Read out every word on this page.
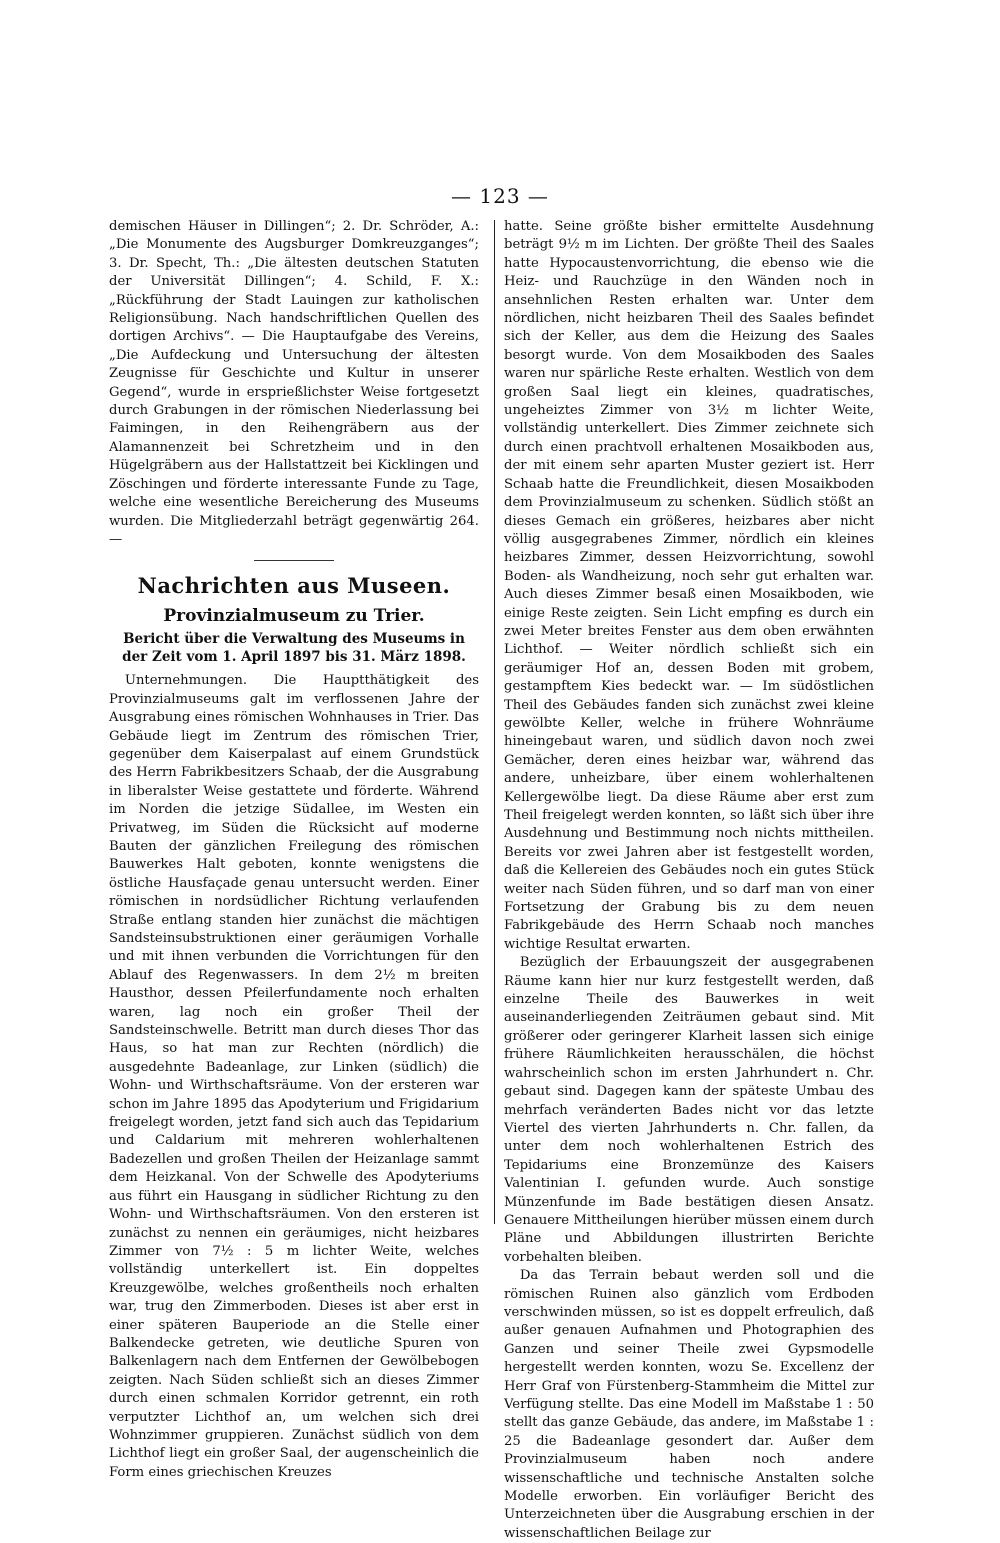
— 123 —

demischen Häuser in Dillingen“; 2. Dr. Schröder, A.: „Die Monumente des Augsburger Domkreuzganges“; 3. Dr. Specht, Th.: „Die ältesten deutschen Statuten der Universität Dillingen“; 4. Schild, F. X.: „Rückführung der Stadt Lauingen zur katholischen Religionsübung. Nach handschriftlichen Quellen des dortigen Archivs“. — Die Hauptaufgabe des Vereins, „Die Aufdeckung und Untersuchung der ältesten Zeugnisse für Geschichte und Kultur in unserer Gegend“, wurde in ersprießlichster Weise fortgesetzt durch Grabungen in der römischen Niederlassung bei Faimingen, in den Reihengräbern aus der Alamannenzeit bei Schretzheim und in den Hügelgräbern aus der Hallstattzeit bei Kicklingen und Zöschingen und förderte interessante Funde zu Tage, welche eine wesentliche Bereicherung des Museums wurden. Die Mitgliederzahl beträgt gegenwärtig 264. —

Nachrichten aus Museen.
Provinzialmuseum zu Trier.
Bericht über die Verwaltung des Museums in der Zeit vom 1. April 1897 bis 31. März 1898.

Unternehmungen. Die Hauptthätigkeit des Provinzialmuseums galt im verflossenen Jahre der Ausgrabung eines römischen Wohnhauses in Trier. Das Gebäude liegt im Zentrum des römischen Trier, gegenüber dem Kaiserpalast auf einem Grundstück des Herrn Fabrikbesitzers Schaab, der die Ausgrabung in liberalster Weise gestattete und förderte. Während im Norden die jetzige Südallee, im Westen ein Privatweg, im Süden die Rücksicht auf moderne Bauten der gänzlichen Freilegung des römischen Bauwerkes Halt geboten, konnte wenigstens die östliche Hausfaçade genau untersucht werden. Einer römischen in nordsüdlicher Richtung verlaufenden Straße entlang standen hier zunächst die mächtigen Sandsteinsubstruktionen einer geräumigen Vorhalle und mit ihnen verbunden die Vorrichtungen für den Ablauf des Regenwassers. In dem 2½ m breiten Hausthor, dessen Pfeilerfundamente noch erhalten waren, lag noch ein großer Theil der Sandsteinschwelle. Betritt man durch dieses Thor das Haus, so hat man zur Rechten (nördlich) die ausgedehnte Badeanlage, zur Linken (südlich) die Wohn- und Wirthschaftsräume. Von der ersteren war schon im Jahre 1895 das Apodyterium und Frigidarium freigelegt worden, jetzt fand sich auch das Tepidarium und Caldarium mit mehreren wohlerhaltenen Badezellen und großen Theilen der Heizanlage sammt dem Heizkanal. Von der Schwelle des Apodyteriums aus führt ein Hausgang in südlicher Richtung zu den Wohn- und Wirthschaftsräumen. Von den ersteren ist zunächst zu nennen ein geräumiges, nicht heizbares Zimmer von 7½ : 5 m lichter Weite, welches vollständig unterkellert ist. Ein doppeltes Kreuzgewölbe, welches großentheils noch erhalten war, trug den Zimmerboden. Dieses ist aber erst in einer späteren Bauperiode an die Stelle einer Balkendecke getreten, wie deutliche Spuren von Balkenlagern nach dem Entfernen der Gewölbebogen zeigten. Nach Süden schließt sich an dieses Zimmer durch einen schmalen Korridor getrennt, ein roth verputzter Lichthof an, um welchen sich drei Wohnzimmer gruppieren. Zunächst südlich von dem Lichthof liegt ein großer Saal, der augenscheinlich die Form eines griechischen Kreuzes

hatte. Seine größte bisher ermittelte Ausdehnung beträgt 9½ m im Lichten. Der größte Theil des Saales hatte Hypocaustenvorrichtung, die ebenso wie die Heiz- und Rauchzüge in den Wänden noch in ansehnlichen Resten erhalten war. Unter dem nördlichen, nicht heizbaren Theil des Saales befindet sich der Keller, aus dem die Heizung des Saales besorgt wurde. Von dem Mosaikboden des Saales waren nur spärliche Reste erhalten. Westlich von dem großen Saal liegt ein kleines, quadratisches, ungeheiztes Zimmer von 3½ m lichter Weite, vollständig unterkellert. Dies Zimmer zeichnete sich durch einen prachtvoll erhaltenen Mosaikboden aus, der mit einem sehr aparten Muster geziert ist. Herr Schaab hatte die Freundlichkeit, diesen Mosaikboden dem Provinzialmuseum zu schenken. Südlich stößt an dieses Gemach ein größeres, heizbares aber nicht völlig ausgegrabenes Zimmer, nördlich ein kleines heizbares Zimmer, dessen Heizvorrichtung, sowohl Boden- als Wandheizung, noch sehr gut erhalten war. Auch dieses Zimmer besaß einen Mosaikboden, wie einige Reste zeigten. Sein Licht empfing es durch ein zwei Meter breites Fenster aus dem oben erwähnten Lichthof. — Weiter nördlich schließt sich ein geräumiger Hof an, dessen Boden mit grobem, gestampftem Kies bedeckt war. — Im südöstlichen Theil des Gebäudes fanden sich zunächst zwei kleine gewölbte Keller, welche in frühere Wohnräume hineingebaut waren, und südlich davon noch zwei Gemächer, deren eines heizbar war, während das andere, unheizbare, über einem wohlerhaltenen Kellergewölbe liegt. Da diese Räume aber erst zum Theil freigelegt werden konnten, so läßt sich über ihre Ausdehnung und Bestimmung noch nichts mittheilen. Bereits vor zwei Jahren aber ist festgestellt worden, daß die Kellereien des Gebäudes noch ein gutes Stück weiter nach Süden führen, und so darf man von einer Fortsetzung der Grabung bis zu dem neuen Fabrikgebäude des Herrn Schaab noch manches wichtige Resultat erwarten.

Bezüglich der Erbauungszeit der ausgegrabenen Räume kann hier nur kurz festgestellt werden, daß einzelne Theile des Bauwerkes in weit auseinanderliegenden Zeiträumen gebaut sind. Mit größerer oder geringerer Klarheit lassen sich einige frühere Räumlichkeiten herausschälen, die höchst wahrscheinlich schon im ersten Jahrhundert n. Chr. gebaut sind. Dagegen kann der späteste Umbau des mehrfach veränderten Bades nicht vor das letzte Viertel des vierten Jahrhunderts n. Chr. fallen, da unter dem noch wohlerhaltenen Estrich des Tepidariums eine Bronzemünze des Kaisers Valentinian I. gefunden wurde. Auch sonstige Münzenfunde im Bade bestätigen diesen Ansatz. Genauere Mittheilungen hierüber müssen einem durch Pläne und Abbildungen illustrirten Berichte vorbehalten bleiben.

Da das Terrain bebaut werden soll und die römischen Ruinen also gänzlich vom Erdboden verschwinden müssen, so ist es doppelt erfreulich, daß außer genauen Aufnahmen und Photographien des Ganzen und seiner Theile zwei Gypsmodelle hergestellt werden konnten, wozu Se. Excellenz der Herr Graf von Fürstenberg-Stammheim die Mittel zur Verfügung stellte. Das eine Modell im Maßstabe 1 : 50 stellt das ganze Gebäude, das andere, im Maßstabe 1 : 25 die Badeanlage gesondert dar. Außer dem Provinzialmuseum haben noch andere wissenschaftliche und technische Anstalten solche Modelle erworben. Ein vorläufiger Bericht des Unterzeichneten über die Ausgrabung erschien in der wissenschaftlichen Beilage zur
